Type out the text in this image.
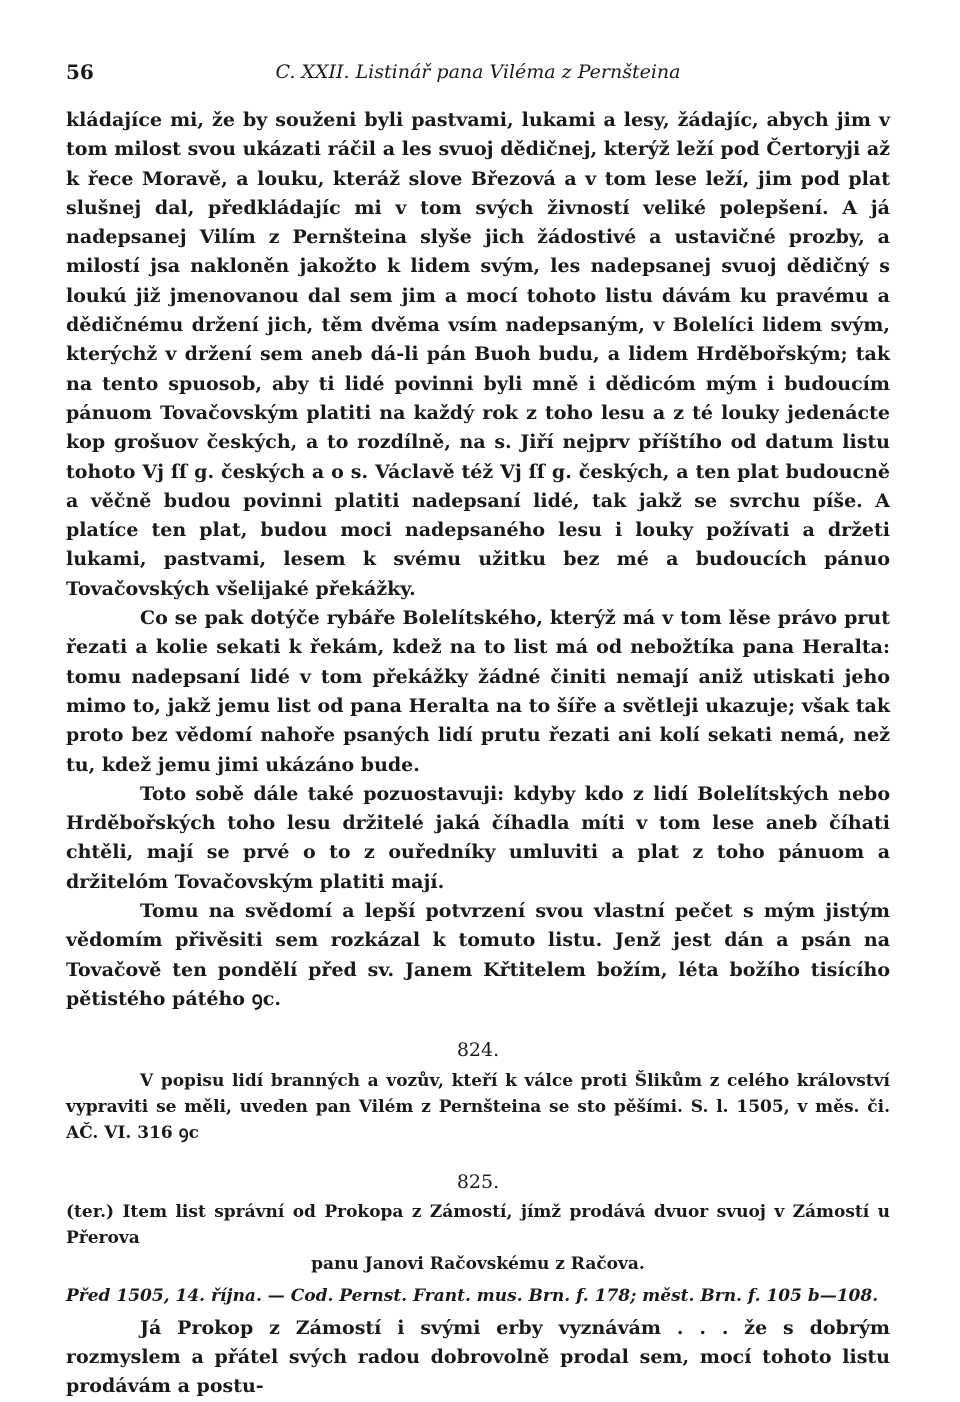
56	C. XXII. Listinář pana Viléma z Pernšteina

kládajíce mi, že by souženi byli pastvami, lukami a lesy, žádajíc, abych jim v tom milost svou ukázati ráčil a les svuoj dědičnej, kterýž leží pod Čertoryji až k řece Moravě, a louku, kteráž slove Březová a v tom lese leží, jim pod plat slušnej dal, předkládajíc mi v tom svých živností veliké polepšení. A já nadepsanej Vilím z Pernšteina slyše jich žádostivé a ustavičné prozby, a milostí jsa nakloněn jakožto k lidem svým, les nadepsanej svuoj dědičný s loukú již jmenovanou dal sem jim a mocí tohoto listu dávám ku pravému a dědičnému držení jich, těm dvěma vsím nadepsaným, v Bolelíci lidem svým, kterýchž v držení sem aneb dá-li pán Buoh budu, a lidem Hrděbořským; tak na tento spuosob, aby ti lidé povinni byli mně i dědicóm mým i budoucím pánuom Tovačovským platiti na každý rok z toho lesu a z té louky jedenácte kop grošuov českých, a to rozdílně, na s. Jiří nejprv příštího od datum listu tohoto Vj ſſ g. českých a o s. Václavě též Vj ſſ g. českých, a ten plat budoucně a věčně budou povinni platiti nadepsaní lidé, tak jakž se svrchu píše. A platíce ten plat, budou moci nadepsaného lesu i louky požívati a držeti lukami, pastvami, lesem k svému užitku bez mé a budoucích pánuo Tovačovských všelijaké překážky.

Co se pak dotýče rybáře Bolelítského, kterýž má v tom lěse právo prut řezati a kolie sekati k řekám, kdež na to list má od nebožtíka pana Heralta: tomu nadepsaní lidé v tom překážky žádné činiti nemají aniž utiskati jeho mimo to, jakž jemu list od pana Heralta na to šíře a světleji ukazuje; však tak proto bez vědomí nahoře psaných lidí prutu řezati ani kolí sekati nemá, než tu, kdež jemu jimi ukázáno bude.

Toto sobě dále také pozuostavuji: kdyby kdo z lidí Bolelítských nebo Hrděbořských toho lesu držitelé jaká číhadla míti v tom lese aneb číhati chtěli, mají se prvé o to z ouředníky umluviti a plat z toho pánuom a držitelóm Tovačovským platiti mají.

Tomu na svědomí a lepší potvrzení svou vlastní pečet s mým jistým vědomím přivěsiti sem rozkázal k tomuto listu. Jenž jest dán a psán na Tovačově ten pondělí před sv. Janem Křtitelem božím, léta božího tisícího pětistého pátého ꝯc.

824.

V popisu lidí branných a vozův, kteří k válce proti Šlikům z celého království vypraviti se měli, uveden pan Vilém z Pernšteina se sto pěšími. S. l. 1505, v měs. či. AČ. VI. 316 ꝯc

825.

(ter.) Item list správní od Prokopa z Zámostí, jímž prodává dvuor svuoj v Zámostí u Přerova

panu Janovi Račovskému z Račova.

Před 1505, 14. října. — Cod. Pernst. Frant. mus. Brn. f. 178; měst. Brn. f. 105 b—108.

Já Prokop z Zámostí i svými erby vyznávám . . . že s dobrým rozmyslem a přátel svých radou dobrovolně prodal sem, mocí tohoto listu prodávám a postu-
